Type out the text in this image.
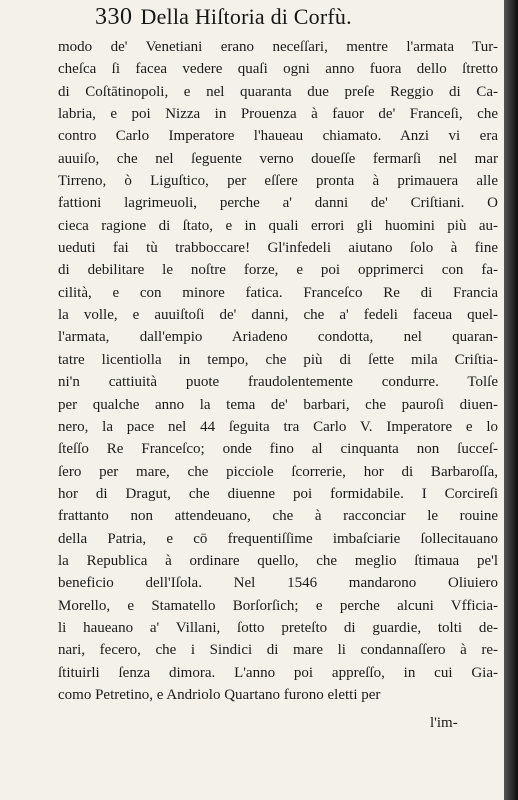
330 Della Hiſtoria di Corfù.
modo de' Venetiani erano neceſſari, mentre l'armata Tur-
cheſca ſi facea vedere quaſi ogni anno fuora dello ſtretto
di Coſtātinopoli, e nel quaranta due preſe Reggio di Ca-
labria, e poi Nizza in Prouenza à fauor de' Franceſi, che
contro Carlo Imperatore l'haueau chiamato. Anzi vi era
auuiſo, che nel ſeguente verno doueſſe fermarſi nel mar
Tirreno, ò Liguſtico, per eſſere pronta à primauera alle
fattioni lagrimeuoli, perche a' danni de' Criſtiani. O
cieca ragione di ſtato, e in quali errori gli huomini più au-
ueduti fai tù trabboccare! Gl'infedeli aiutano ſolo à fine
di debilitare le noſtre forze, e poi opprimerci con fa-
cilità, e con minore fatica. Franceſco Re di Francia
la volle, e auuiſtoſi de' danni, che a' fedeli faceua quel-
l'armata, dall'empio Ariadeno condotta, nel quaran-
tatre licentiolla in tempo, che più di ſette mila Criſtia-
ni'n cattiuità puote fraudolentemente condurre. Tolſe
per qualche anno la tema de' barbari, che pauroſi diuen-
nero, la pace nel 44 ſeguita tra Carlo V. Imperatore e lo
ſteſſo Re Franceſco; onde fino al cinquanta non ſucceſ-
ſero per mare, che picciole ſcorrerie, hor di Barbaroſſa,
hor di Dragut, che diuenne poi formidabile. I Corcireſi
frattanto non attendeuano, che à racconciar le rouine
della Patria, e cō frequentiſſime imbaſciarie ſollecitauano
la Republica à ordinare quello, che meglio ſtimaua pe'l
beneficio dell'Iſola. Nel 1546 mandarono Oliuiero
Morello, e Stamatello Borſorſich; e perche alcuni Vfficia-
li haueano a' Villani, ſotto preteſto di guardie, tolti de-
nari, fecero, che i Sindici di mare li condannaſſero à re-
ſtituirli ſenza dimora. L'anno poi appreſſo, in cui Gia-
como Petretino, e Andriolo Quartano furono eletti per
l'im-
